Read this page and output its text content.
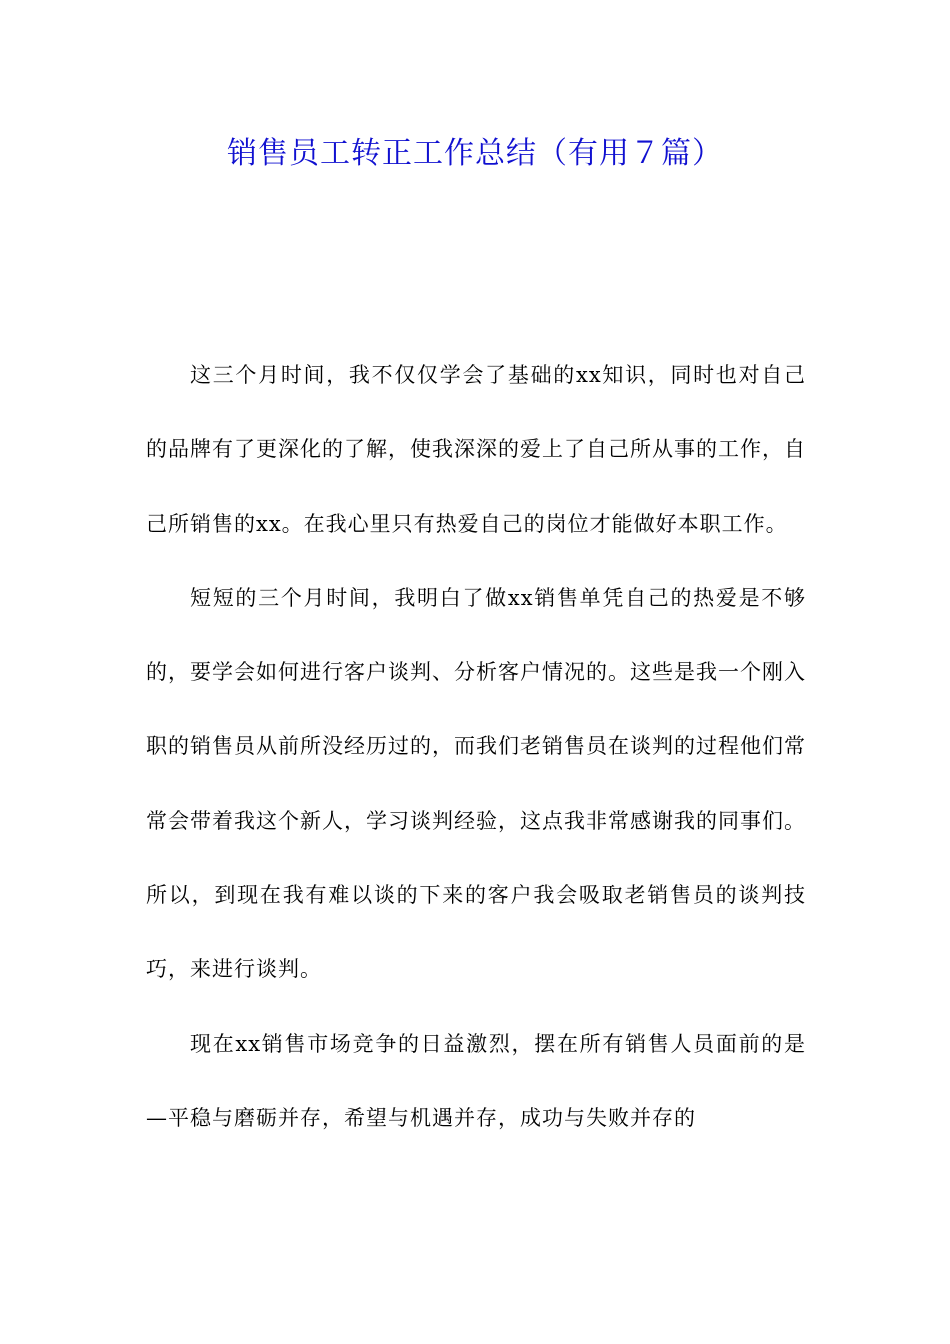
销售员工转正工作总结（有用７篇）

这三个月时间，我不仅仅学会了基础的xx知识，同时也对自己的品牌有了更深化的了解，使我深深的爱上了自己所从事的工作，自己所销售的xx。在我心里只有热爱自己的岗位才能做好本职工作。

短短的三个月时间，我明白了做xx销售单凭自己的热爱是不够的，要学会如何进行客户谈判、分析客户情况的。这些是我一个刚入职的销售员从前所没经历过的，而我们老销售员在谈判的过程他们常常会带着我这个新人，学习谈判经验，这点我非常感谢我的同事们。所以，到现在我有难以谈的下来的客户我会吸取老销售员的谈判技巧，来进行谈判。

现在xx销售市场竞争的日益激烈，摆在所有销售人员面前的是—平稳与磨砺并存，希望与机遇并存，成功与失败并存的
